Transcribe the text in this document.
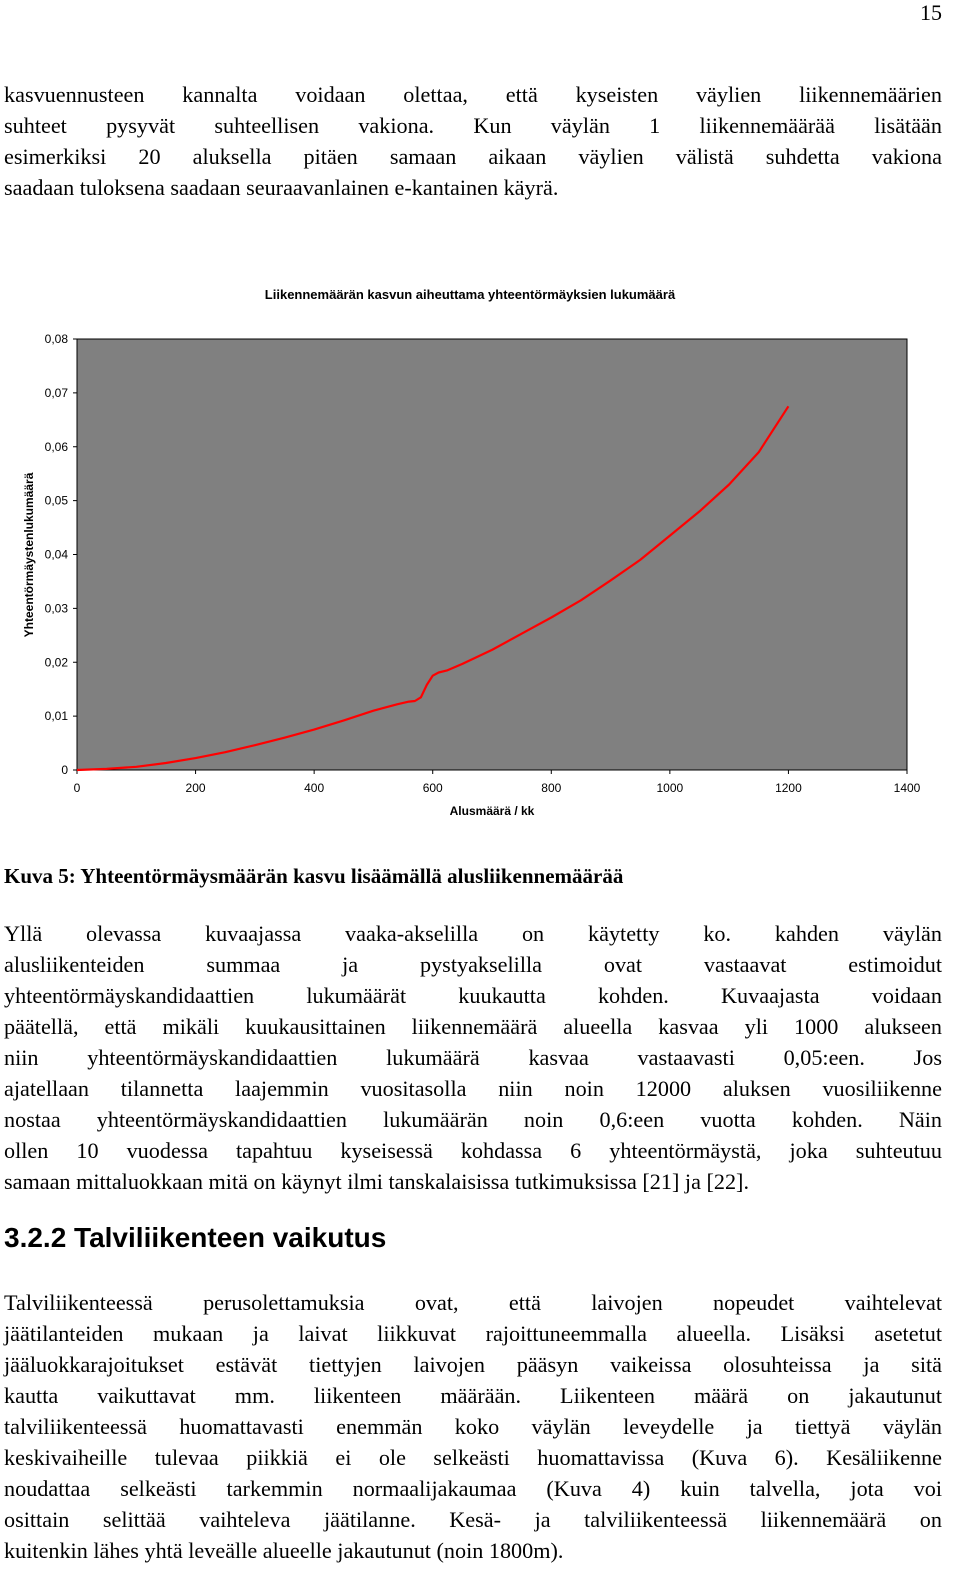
15
kasvuennusteen kannalta voidaan olettaa, että kyseisten väylien liikennemäärien
suhteet pysyvät suhteellisen vakiona. Kun väylän 1 liikennemäärää lisätään
esimerkiksi 20 aluksella pitäen samaan aikaan väylien välistä suhdetta vakiona
saadaan tuloksena saadaan seuraavanlainen e-kantainen käyrä.
Liikennemäärän kasvun aiheuttama yhteentörmäyksien lukumäärä
0
0,01
0,02
0,03
0,04
0,05
0,06
0,07
0,08
0	200	400	600	800	1000	1200	1400
Yhteentörmäystenlukumäärä
Alusmäärä / kk
Kuva 5: Yhteentörmäysmäärän kasvu lisäämällä alusliikennemäärää
Yllä olevassa kuvaajassa vaaka-akselilla on käytetty ko. kahden väylän
alusliikenteiden summaa ja pystyakselilla ovat vastaavat estimoidut
yhteentörmäyskandidaattien lukumäärät kuukautta kohden. Kuvaajasta voidaan
päätellä, että mikäli kuukausittainen liikennemäärä alueella kasvaa yli 1000 alukseen
niin yhteentörmäyskandidaattien lukumäärä kasvaa vastaavasti 0,05:een. Jos
ajatellaan tilannetta laajemmin vuositasolla niin noin 12000 aluksen vuosiliikenne
nostaa yhteentörmäyskandidaattien lukumäärän noin 0,6:een vuotta kohden. Näin
ollen 10 vuodessa tapahtuu kyseisessä kohdassa 6 yhteentörmäystä, joka suhteutuu
samaan mittaluokkaan mitä on käynyt ilmi tanskalaisissa tutkimuksissa [21] ja [22].
3.2.2 Talviliikenteen vaikutus
Talviliikenteessä perusolettamuksia ovat, että laivojen nopeudet vaihtelevat
jäätilanteiden mukaan ja laivat liikkuvat rajoittuneemmalla alueella. Lisäksi asetetut
jääluokkarajoitukset estävät tiettyjen laivojen pääsyn vaikeissa olosuhteissa ja sitä
kautta vaikuttavat mm. liikenteen määrään. Liikenteen määrä on jakautunut
talviliikenteessä huomattavasti enemmän koko väylän leveydelle ja tiettyä väylän
keskivaiheille tulevaa piikkiä ei ole selkeästi huomattavissa (Kuva 6). Kesäliikenne
noudattaa selkeästi tarkemmin normaalijakaumaa (Kuva 4) kuin talvella, jota voi
osittain selittää vaihteleva jäätilanne. Kesä- ja talviliikenteessä liikennemäärä on
kuitenkin lähes yhtä leveälle alueelle jakautunut (noin 1800m).
